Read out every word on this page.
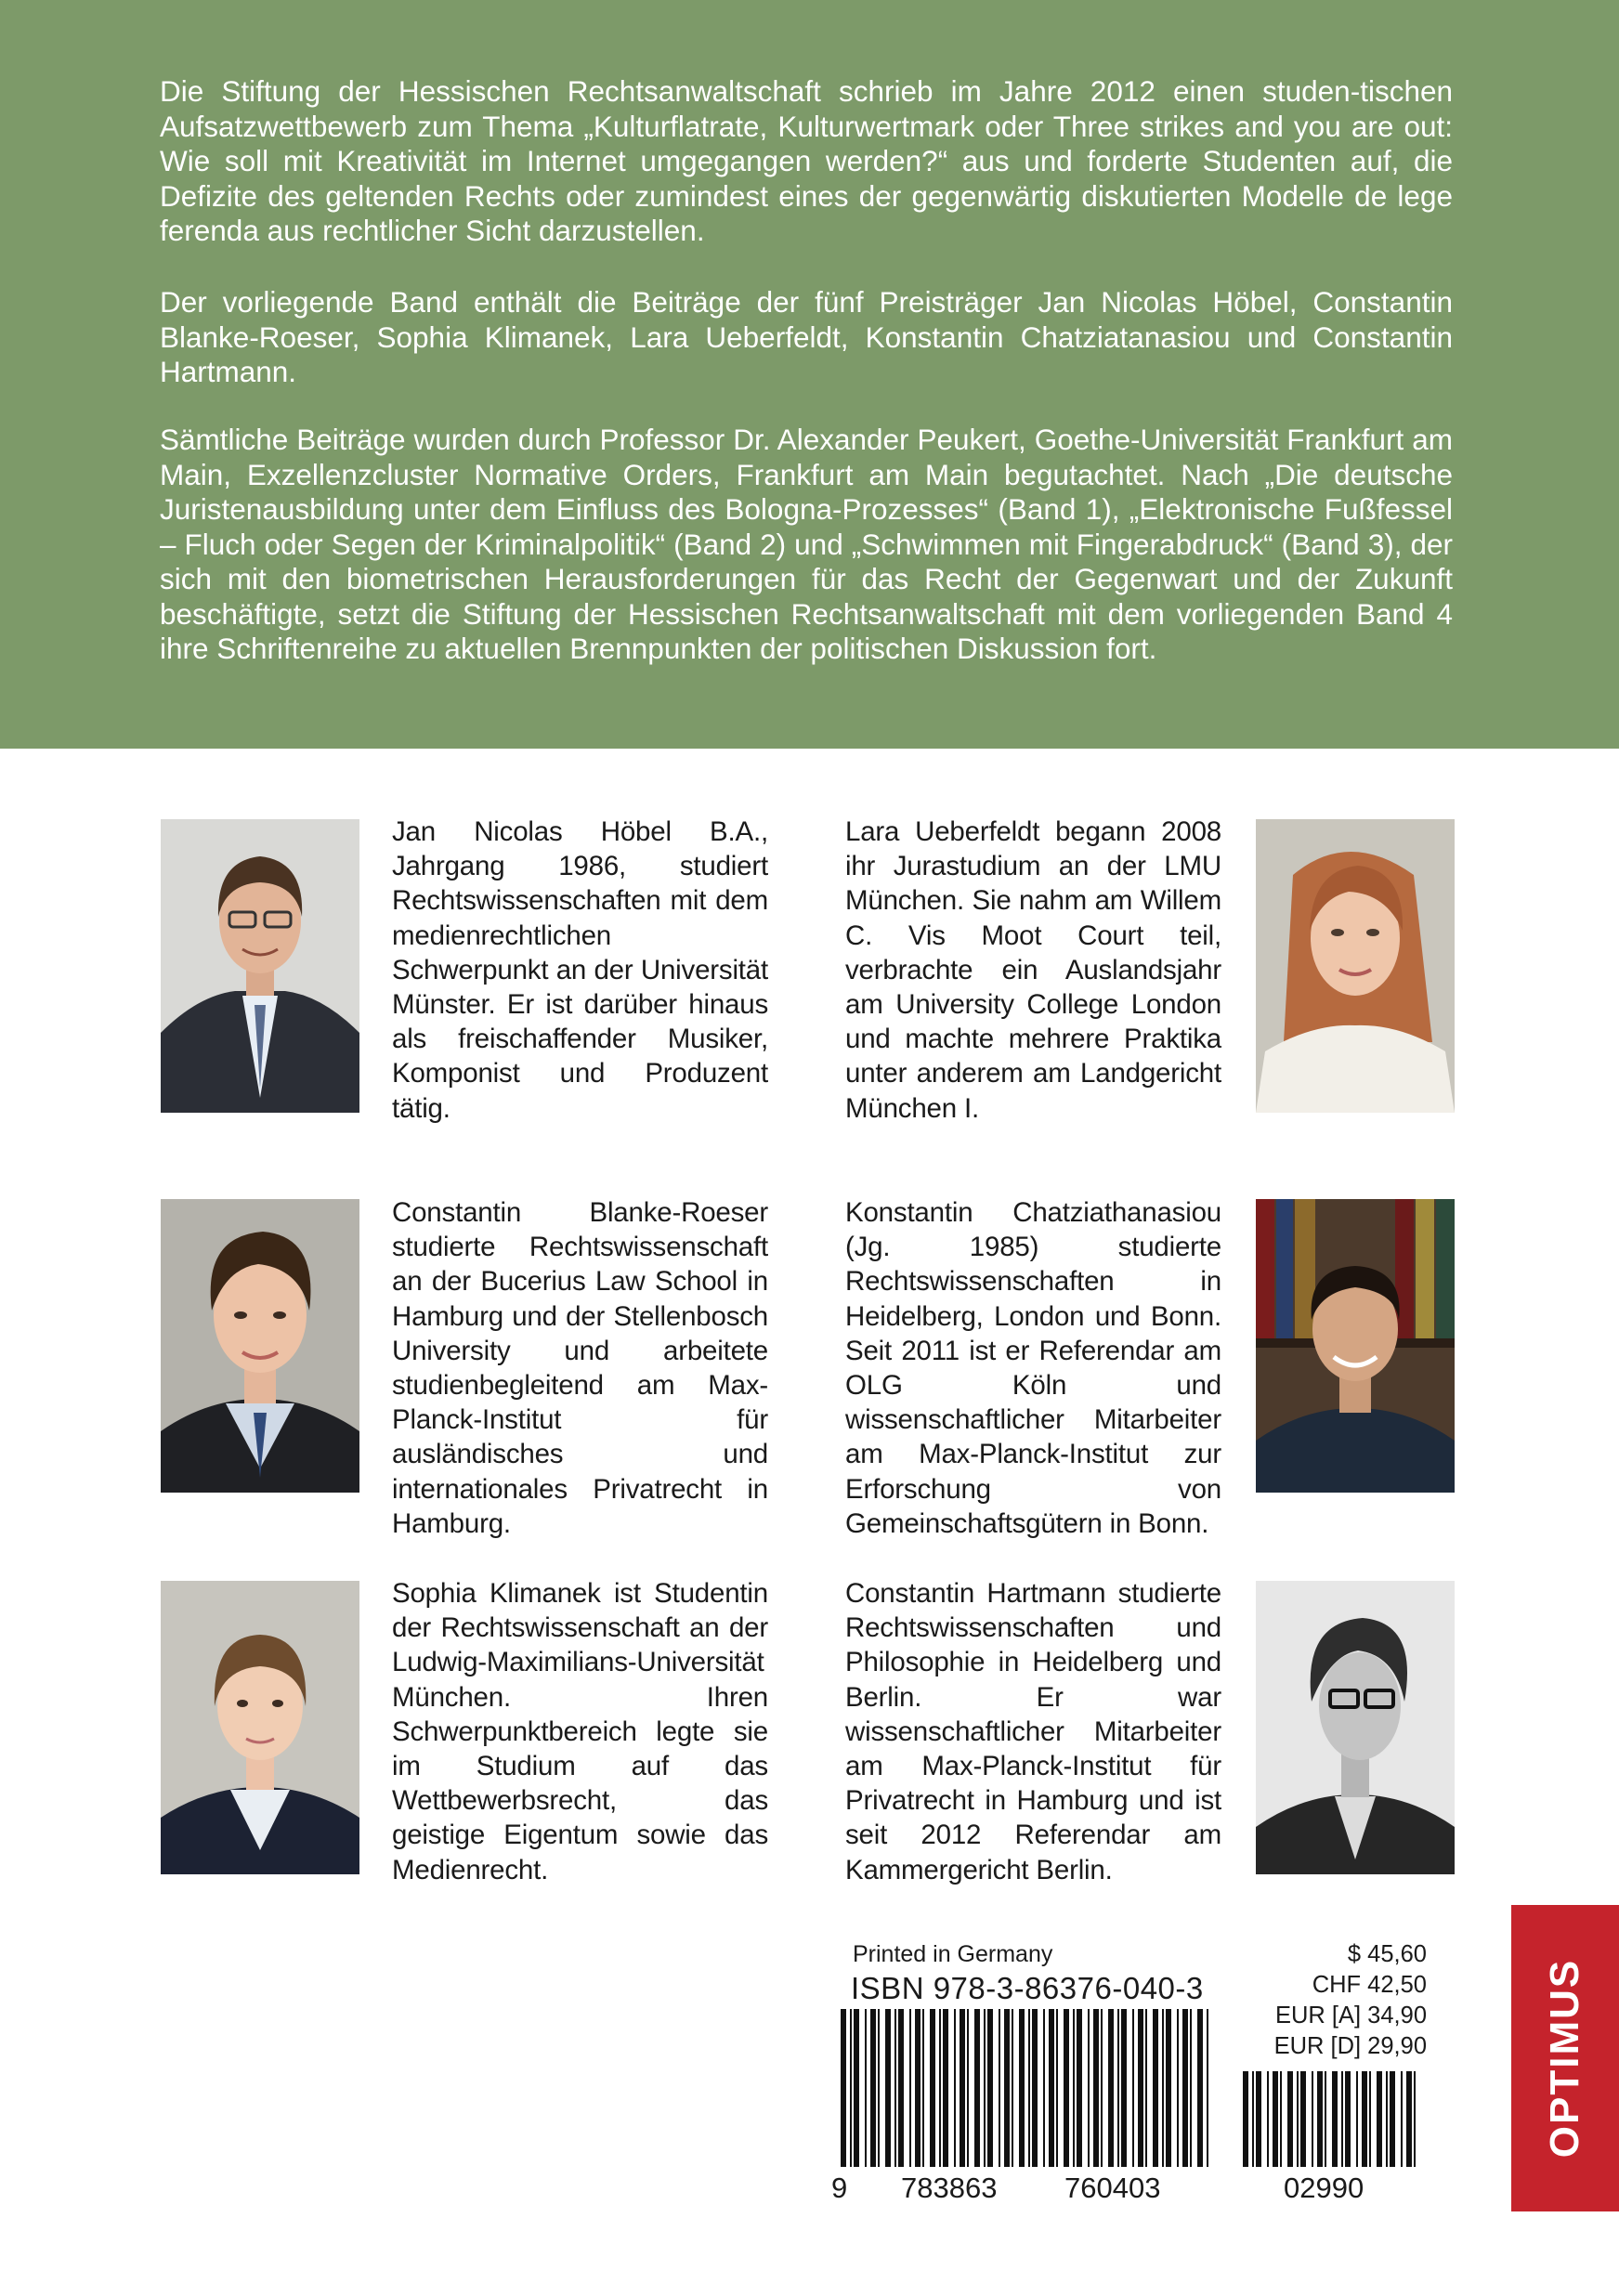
Die Stiftung der Hessischen Rechtsanwaltschaft schrieb im Jahre 2012 einen studen-tischen Aufsatzwettbewerb zum Thema „Kulturflatrate, Kulturwertmark oder Three strikes and you are out: Wie soll mit Kreativität im Internet umgegangen werden?“ aus und forderte Studenten auf, die Defizite des geltenden Rechts oder zumindest eines der gegenwärtig diskutierten Modelle de lege ferenda aus rechtlicher Sicht darzustellen.

Der vorliegende Band enthält die Beiträge der fünf Preisträger Jan Nicolas Höbel, Constantin Blanke-Roeser, Sophia Klimanek, Lara Ueberfeldt, Konstantin Chatziatanasiou und Constantin Hartmann.

Sämtliche Beiträge wurden durch Professor Dr. Alexander Peukert, Goethe-Universität Frankfurt am Main, Exzellenzcluster Normative Orders, Frankfurt am Main begutachtet. Nach „Die deutsche Juristenausbildung unter dem Einfluss des Bologna-Prozesses“ (Band 1), „Elektronische Fußfessel – Fluch oder Segen der Kriminalpolitik“ (Band 2) und „Schwimmen mit Fingerabdruck“ (Band 3), der sich mit den biometrischen Herausforderungen für das Recht der Gegenwart und der Zukunft beschäftigte, setzt die Stiftung der Hessischen Rechtsanwaltschaft mit dem vorliegenden Band 4 ihre Schriftenreihe zu aktuellen Brennpunkten der politischen Diskussion fort.

Jan Nicolas Höbel B.A., Jahrgang 1986, studiert Rechtswissenschaften mit dem medienrechtlichen Schwerpunkt an der Universität Münster. Er ist darüber hinaus als freischaffender Musiker, Komponist und Produzent tätig.
Lara Ueberfeldt begann 2008 ihr Jurastudium an der LMU München. Sie nahm am Willem C. Vis Moot Court teil, verbrachte ein Auslandsjahr am University College London und machte mehrere Praktika unter anderem am Landgericht München I.
Constantin Blanke-Roeser studierte Rechtswissenschaft an der Bucerius Law School in Hamburg und der Stellenbosch University und arbeitete studienbegleitend am Max-Planck-Institut für ausländisches und internationales Privatrecht in Hamburg.
Konstantin Chatziathanasiou (Jg. 1985) studierte Rechtswissenschaften in Heidelberg, London und Bonn. Seit 2011 ist er Referendar am OLG Köln und wissenschaftlicher Mitarbeiter am Max-Planck-Institut zur Erforschung von Gemeinschaftsgütern in Bonn.
Sophia Klimanek ist Studentin der Rechtswissenschaft an der Ludwig-Maximilians-Universität München. Ihren Schwerpunktbereich legte sie im Studium auf das Wettbewerbsrecht, das geistige Eigentum sowie das Medienrecht.
Constantin Hartmann studierte Rechtswissenschaften und Philosophie in Heidelberg und Berlin. Er war wissenschaftlicher Mitarbeiter am Max-Planck-Institut für Privatrecht in Hamburg und ist seit 2012 Referendar am Kammergericht Berlin.
Printed in Germany
ISBN 978-3-86376-040-3
9 783863 760403	02990
$ 45,60
CHF 42,50
EUR [A] 34,90
EUR [D] 29,90	OPTIMUS
